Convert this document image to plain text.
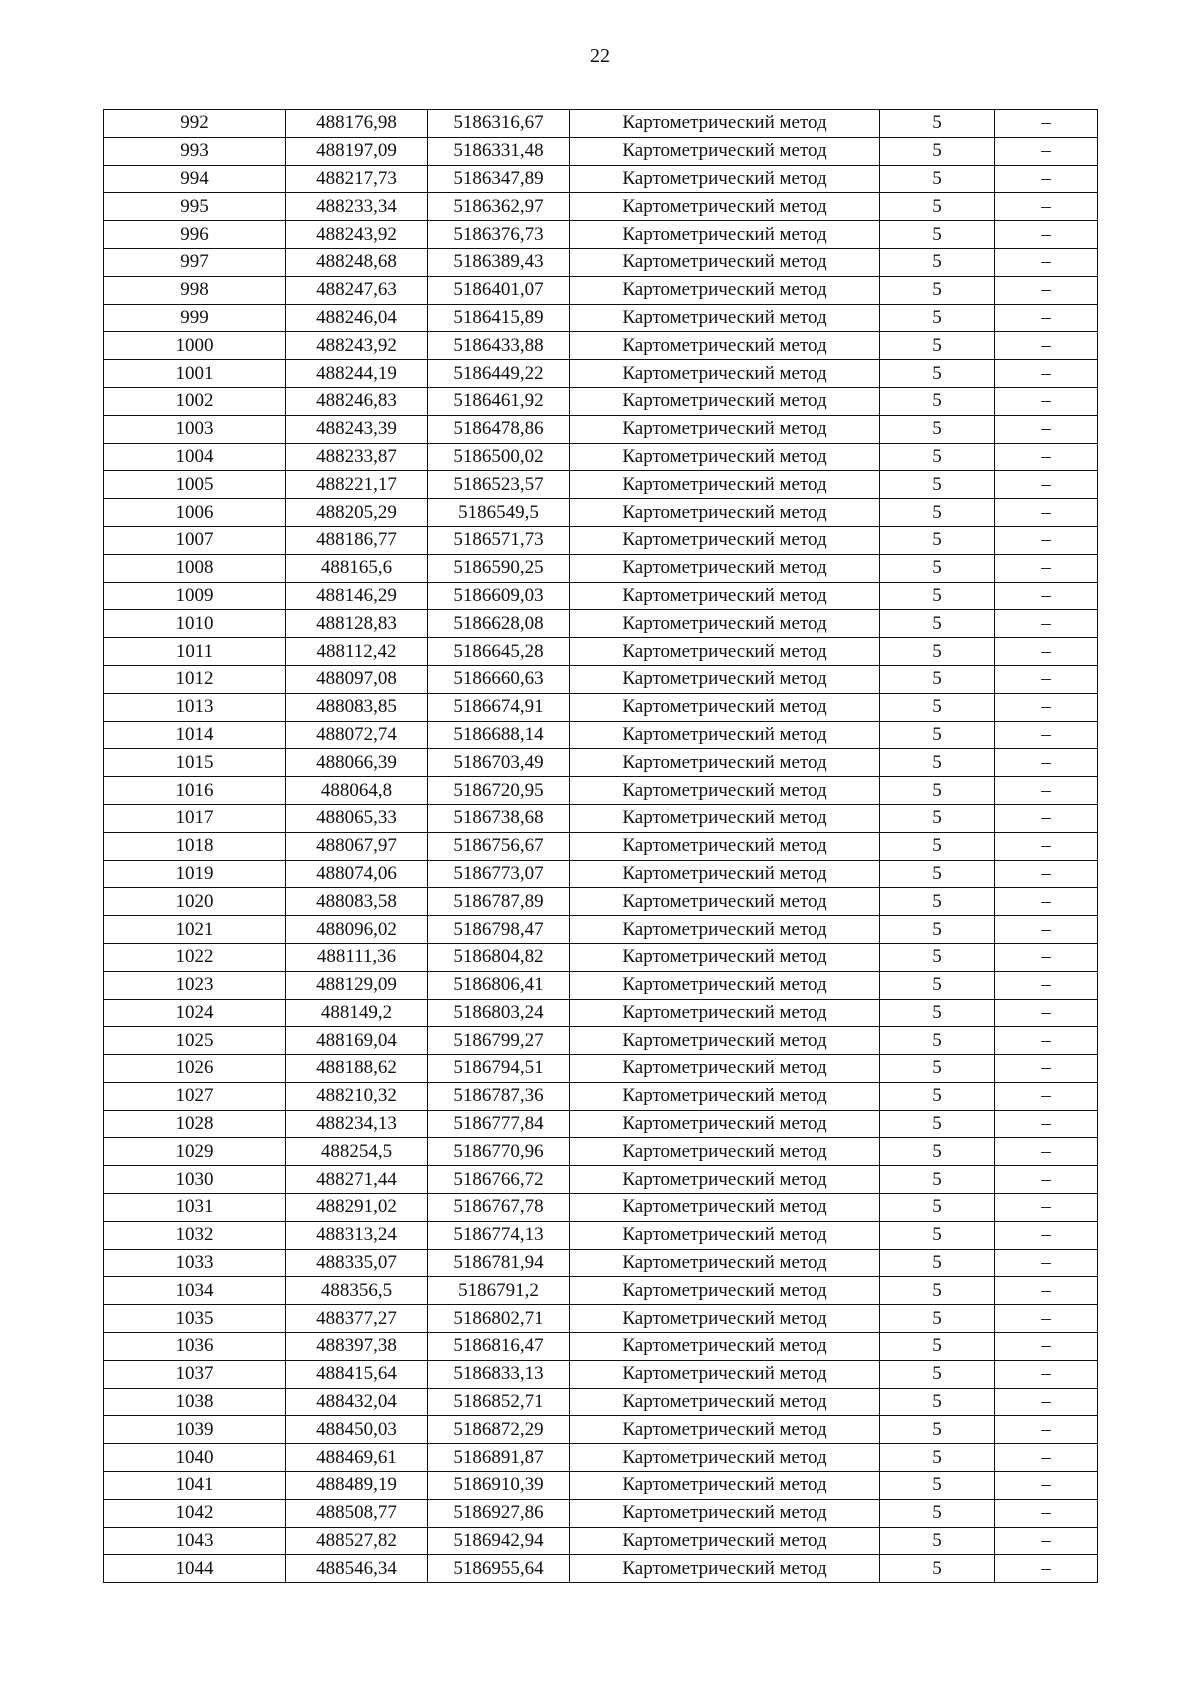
22
992	488176,98	5186316,67	Картометрический метод	5	–
993	488197,09	5186331,48	Картометрический метод	5	–
994	488217,73	5186347,89	Картометрический метод	5	–
995	488233,34	5186362,97	Картометрический метод	5	–
996	488243,92	5186376,73	Картометрический метод	5	–
997	488248,68	5186389,43	Картометрический метод	5	–
998	488247,63	5186401,07	Картометрический метод	5	–
999	488246,04	5186415,89	Картометрический метод	5	–
1000	488243,92	5186433,88	Картометрический метод	5	–
1001	488244,19	5186449,22	Картометрический метод	5	–
1002	488246,83	5186461,92	Картометрический метод	5	–
1003	488243,39	5186478,86	Картометрический метод	5	–
1004	488233,87	5186500,02	Картометрический метод	5	–
1005	488221,17	5186523,57	Картометрический метод	5	–
1006	488205,29	5186549,5	Картометрический метод	5	–
1007	488186,77	5186571,73	Картометрический метод	5	–
1008	488165,6	5186590,25	Картометрический метод	5	–
1009	488146,29	5186609,03	Картометрический метод	5	–
1010	488128,83	5186628,08	Картометрический метод	5	–
1011	488112,42	5186645,28	Картометрический метод	5	–
1012	488097,08	5186660,63	Картометрический метод	5	–
1013	488083,85	5186674,91	Картометрический метод	5	–
1014	488072,74	5186688,14	Картометрический метод	5	–
1015	488066,39	5186703,49	Картометрический метод	5	–
1016	488064,8	5186720,95	Картометрический метод	5	–
1017	488065,33	5186738,68	Картометрический метод	5	–
1018	488067,97	5186756,67	Картометрический метод	5	–
1019	488074,06	5186773,07	Картометрический метод	5	–
1020	488083,58	5186787,89	Картометрический метод	5	–
1021	488096,02	5186798,47	Картометрический метод	5	–
1022	488111,36	5186804,82	Картометрический метод	5	–
1023	488129,09	5186806,41	Картометрический метод	5	–
1024	488149,2	5186803,24	Картометрический метод	5	–
1025	488169,04	5186799,27	Картометрический метод	5	–
1026	488188,62	5186794,51	Картометрический метод	5	–
1027	488210,32	5186787,36	Картометрический метод	5	–
1028	488234,13	5186777,84	Картометрический метод	5	–
1029	488254,5	5186770,96	Картометрический метод	5	–
1030	488271,44	5186766,72	Картометрический метод	5	–
1031	488291,02	5186767,78	Картометрический метод	5	–
1032	488313,24	5186774,13	Картометрический метод	5	–
1033	488335,07	5186781,94	Картометрический метод	5	–
1034	488356,5	5186791,2	Картометрический метод	5	–
1035	488377,27	5186802,71	Картометрический метод	5	–
1036	488397,38	5186816,47	Картометрический метод	5	–
1037	488415,64	5186833,13	Картометрический метод	5	–
1038	488432,04	5186852,71	Картометрический метод	5	–
1039	488450,03	5186872,29	Картометрический метод	5	–
1040	488469,61	5186891,87	Картометрический метод	5	–
1041	488489,19	5186910,39	Картометрический метод	5	–
1042	488508,77	5186927,86	Картометрический метод	5	–
1043	488527,82	5186942,94	Картометрический метод	5	–
1044	488546,34	5186955,64	Картометрический метод	5	–
